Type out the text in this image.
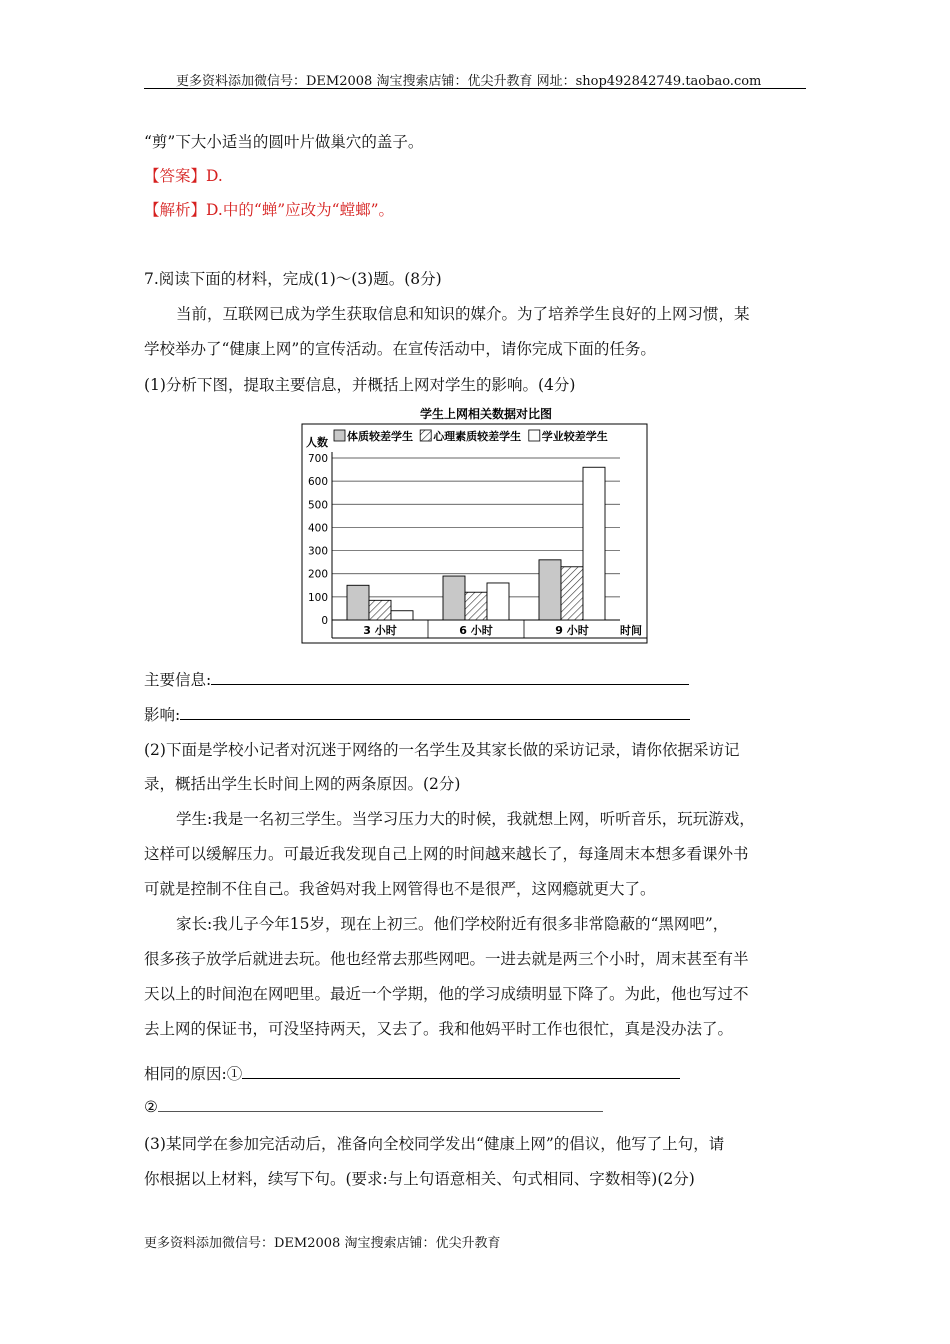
更多资料添加微信号：DEM2008 淘宝搜索店铺：优尖升教育 网址：shop492842749.taobao.com
“剪”下大小适当的圆叶片做巢穴的盖子。
【答案】D.
【解析】D.中的“蝉”应改为“螳螂”。
7.阅读下面的材料，完成(1)～(3)题。(8分)
当前，互联网已成为学生获取信息和知识的媒介。为了培养学生良好的上网习惯，某
学校举办了“健康上网”的宣传活动。在宣传活动中，请你完成下面的任务。
(1)分析下图，提取主要信息，并概括上网对学生的影响。(4分)
学生上网相关数据对比图
人数 体质较差学生 心理素质较差学生 学业较差学生
0
100
200
300
400
500
600
700
3 小时	6 小时	9 小时	时间
主要信息:
影响:
(2)下面是学校小记者对沉迷于网络的一名学生及其家长做的采访记录，请你依据采访记
录，概括出学生长时间上网的两条原因。(2分)
学生:我是一名初三学生。当学习压力大的时候，我就想上网，听听音乐，玩玩游戏，
这样可以缓解压力。可最近我发现自己上网的时间越来越长了，每逢周末本想多看课外书
可就是控制不住自己。我爸妈对我上网管得也不是很严，这网瘾就更大了。
家长:我儿子今年15岁，现在上初三。他们学校附近有很多非常隐蔽的“黑网吧”，
很多孩子放学后就进去玩。他也经常去那些网吧。一进去就是两三个小时，周末甚至有半
天以上的时间泡在网吧里。最近一个学期，他的学习成绩明显下降了。为此，他也写过不
去上网的保证书，可没坚持两天，又去了。我和他妈平时工作也很忙，真是没办法了。
相同的原因:①
②
(3)某同学在参加完活动后，准备向全校同学发出“健康上网”的倡议，他写了上句，请
你根据以上材料，续写下句。(要求:与上句语意相关、句式相同、字数相等)(2分)
更多资料添加微信号：DEM2008 淘宝搜索店铺：优尖升教育
